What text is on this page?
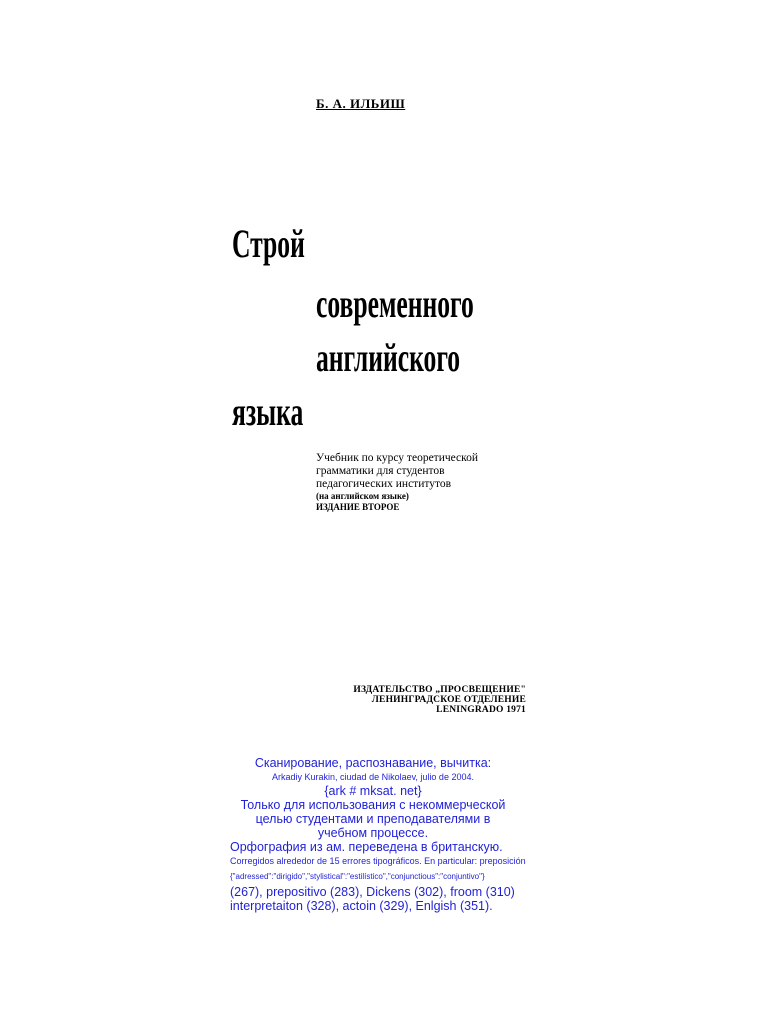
Б. А. ИЛЬИШ
Строй
современного
английского
языка

Учебник по курсу теоретической

грамматики для студентов

педагогических институтов

(на английском языке)

ИЗДАНИЕ ВТОРОЕ

ИЗДАТЕЛЬСТВО „ПРОСВЕЩЕНИЕ"
ЛЕНИНГРАДСКОЕ ОТДЕЛЕНИЕ
LENINGRADO 1971
Сканирование, распознавание, вычитка:
Arkadiy Kurakin, ciudad de Nikolaev, julio de 2004.
{ark # mksat. net}
Только для использования с некоммерческой
целью студентами и преподавателями в
учебном процессе.
Орфография из ам. переведена в британскую.
Corregidos alrededor de 15 errores tipográficos. En particular: preposición
{"adressed":"dirigido","stylistical":"estilístico","conjunctious":"conjuntivo"}
(267), prepositivo (283), Dickens (302), froom (310)
interpretaiton (328), actoin (329), Enlgish (351).
